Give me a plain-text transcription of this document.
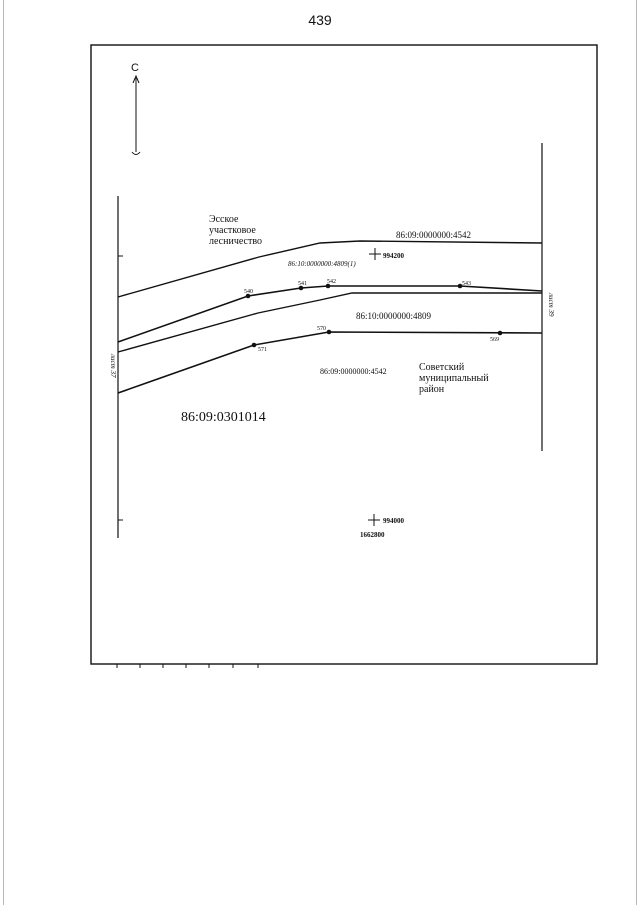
439
С
540
541	542	543
570
571
569
994200
994000
1662800
Эсское
участковое
лесничество
Советский
муниципальный
район
86:09:0000000:4542
86:10:0000000:4809(1)
86:10:0000000:4809
86:09:0000000:4542
86:09:0301014
лист 37
лист 39
